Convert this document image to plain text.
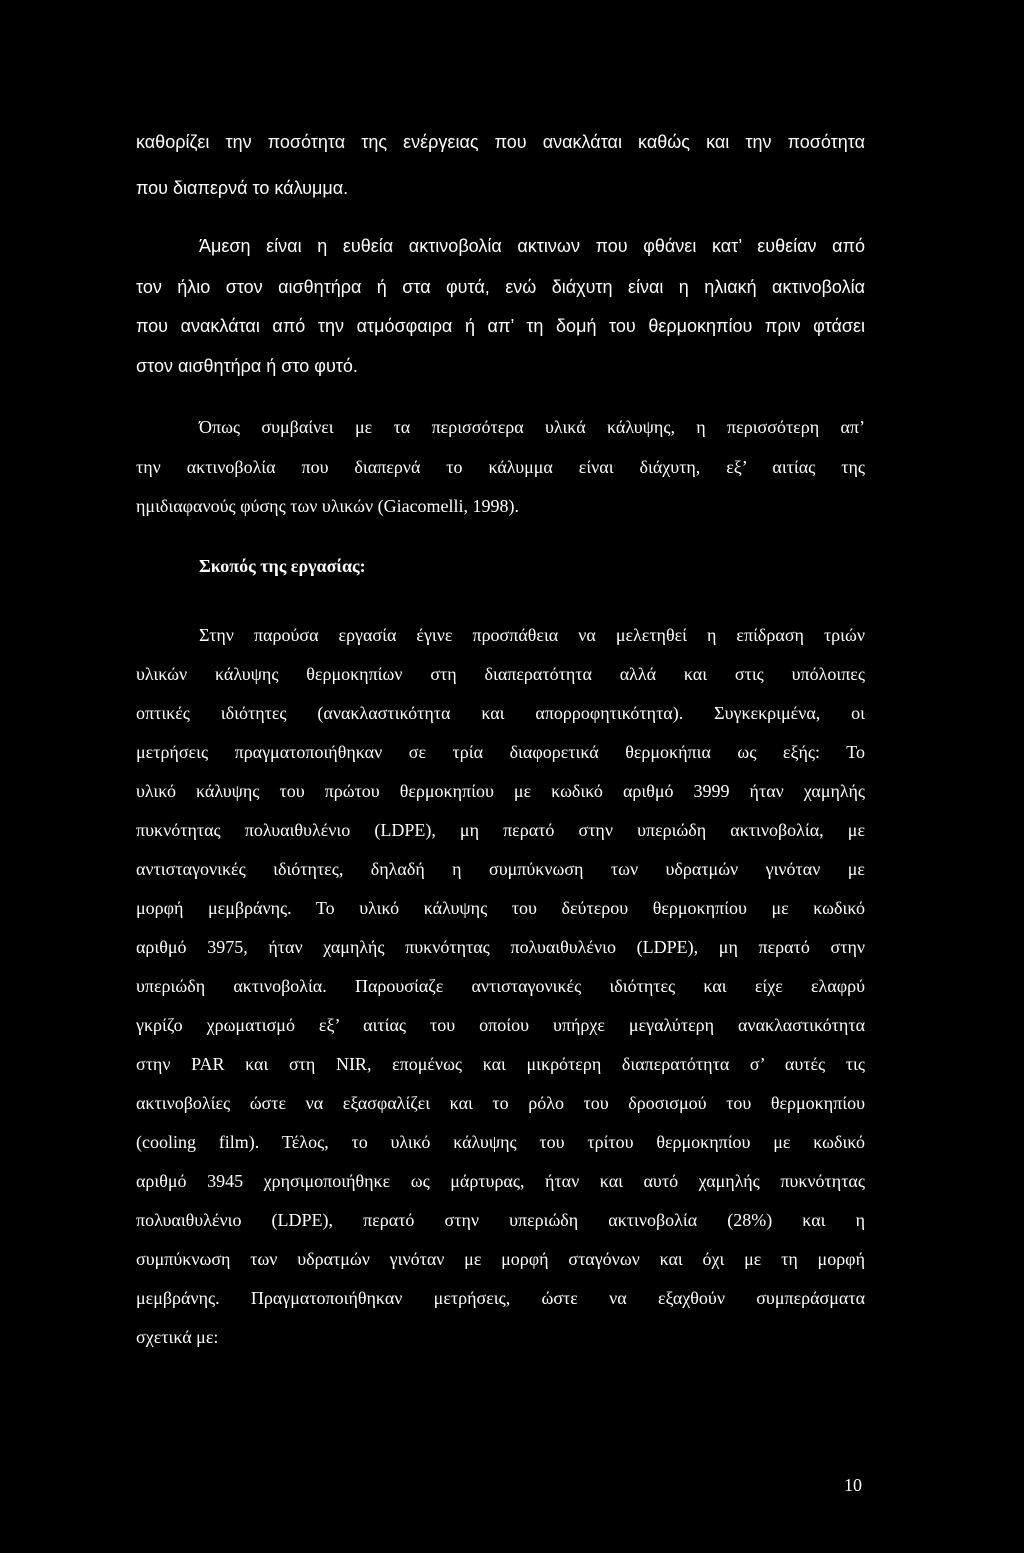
καθορίζει την ποσότητα της ενέργειας που ανακλάται καθώς και την ποσότητα
που διαπερνά το κάλυμμα.
Άμεση είναι η ευθεία ακτινοβολία ακτινων που φθάνει κατ’ ευθείαν από
τον ήλιο στον αισθητήρα ή στα φυτά, ενώ διάχυτη είναι η ηλιακή ακτινοβολία
που ανακλάται από την ατμόσφαιρα ή απ’ τη δομή του θερμοκηπίου πριν φτάσει
στον αισθητήρα ή στο φυτό.
Όπως συμβαίνει με τα περισσότερα υλικά κάλυψης, η περισσότερη απ’
την ακτινοβολία που διαπερνά το κάλυμμα είναι διάχυτη, εξ’ αιτίας της
ημιδιαφανούς φύσης των υλικών (Giacomelli, 1998).
Σκοπός της εργασίας:
Στην παρούσα εργασία έγινε προσπάθεια να μελετηθεί η επίδραση τριών
υλικών κάλυψης θερμοκηπίων στη διαπερατότητα αλλά και στις υπόλοιπες
οπτικές ιδιότητες (ανακλαστικότητα και απορροφητικότητα). Συγκεκριμένα, οι
μετρήσεις πραγματοποιήθηκαν σε τρία διαφορετικά θερμοκήπια ως εξής: Το
υλικό κάλυψης του πρώτου θερμοκηπίου με κωδικό αριθμό 3999 ήταν χαμηλής
πυκνότητας πολυαιθυλένιο (LDPE), μη περατό στην υπεριώδη ακτινοβολία, με
αντισταγονικές ιδιότητες, δηλαδή η συμπύκνωση των υδρατμών γινόταν με
μορφή μεμβράνης. Το υλικό κάλυψης του δεύτερου θερμοκηπίου με κωδικό
αριθμό 3975, ήταν χαμηλής πυκνότητας πολυαιθυλένιο (LDPE), μη περατό στην
υπεριώδη ακτινοβολία. Παρουσίαζε αντισταγονικές ιδιότητες και είχε ελαφρύ
γκρίζο χρωματισμό εξ’ αιτίας του οποίου υπήρχε μεγαλύτερη ανακλαστικότητα
στην PAR και στη NIR, επομένως και μικρότερη διαπερατότητα σ’ αυτές τις
ακτινοβολίες ώστε να εξασφαλίζει και το ρόλο του δροσισμού του θερμοκηπίου
(cooling film). Τέλος, το υλικό κάλυψης του τρίτου θερμοκηπίου με κωδικό
αριθμό 3945 χρησιμοποιήθηκε ως μάρτυρας, ήταν και αυτό χαμηλής πυκνότητας
πολυαιθυλένιο (LDPE), περατό στην υπεριώδη ακτινοβολία (28%) και η
συμπύκνωση των υδρατμών γινόταν με μορφή σταγόνων και όχι με τη μορφή
μεμβράνης. Πραγματοποιήθηκαν μετρήσεις, ώστε να εξαχθούν συμπεράσματα
σχετικά με:
10
